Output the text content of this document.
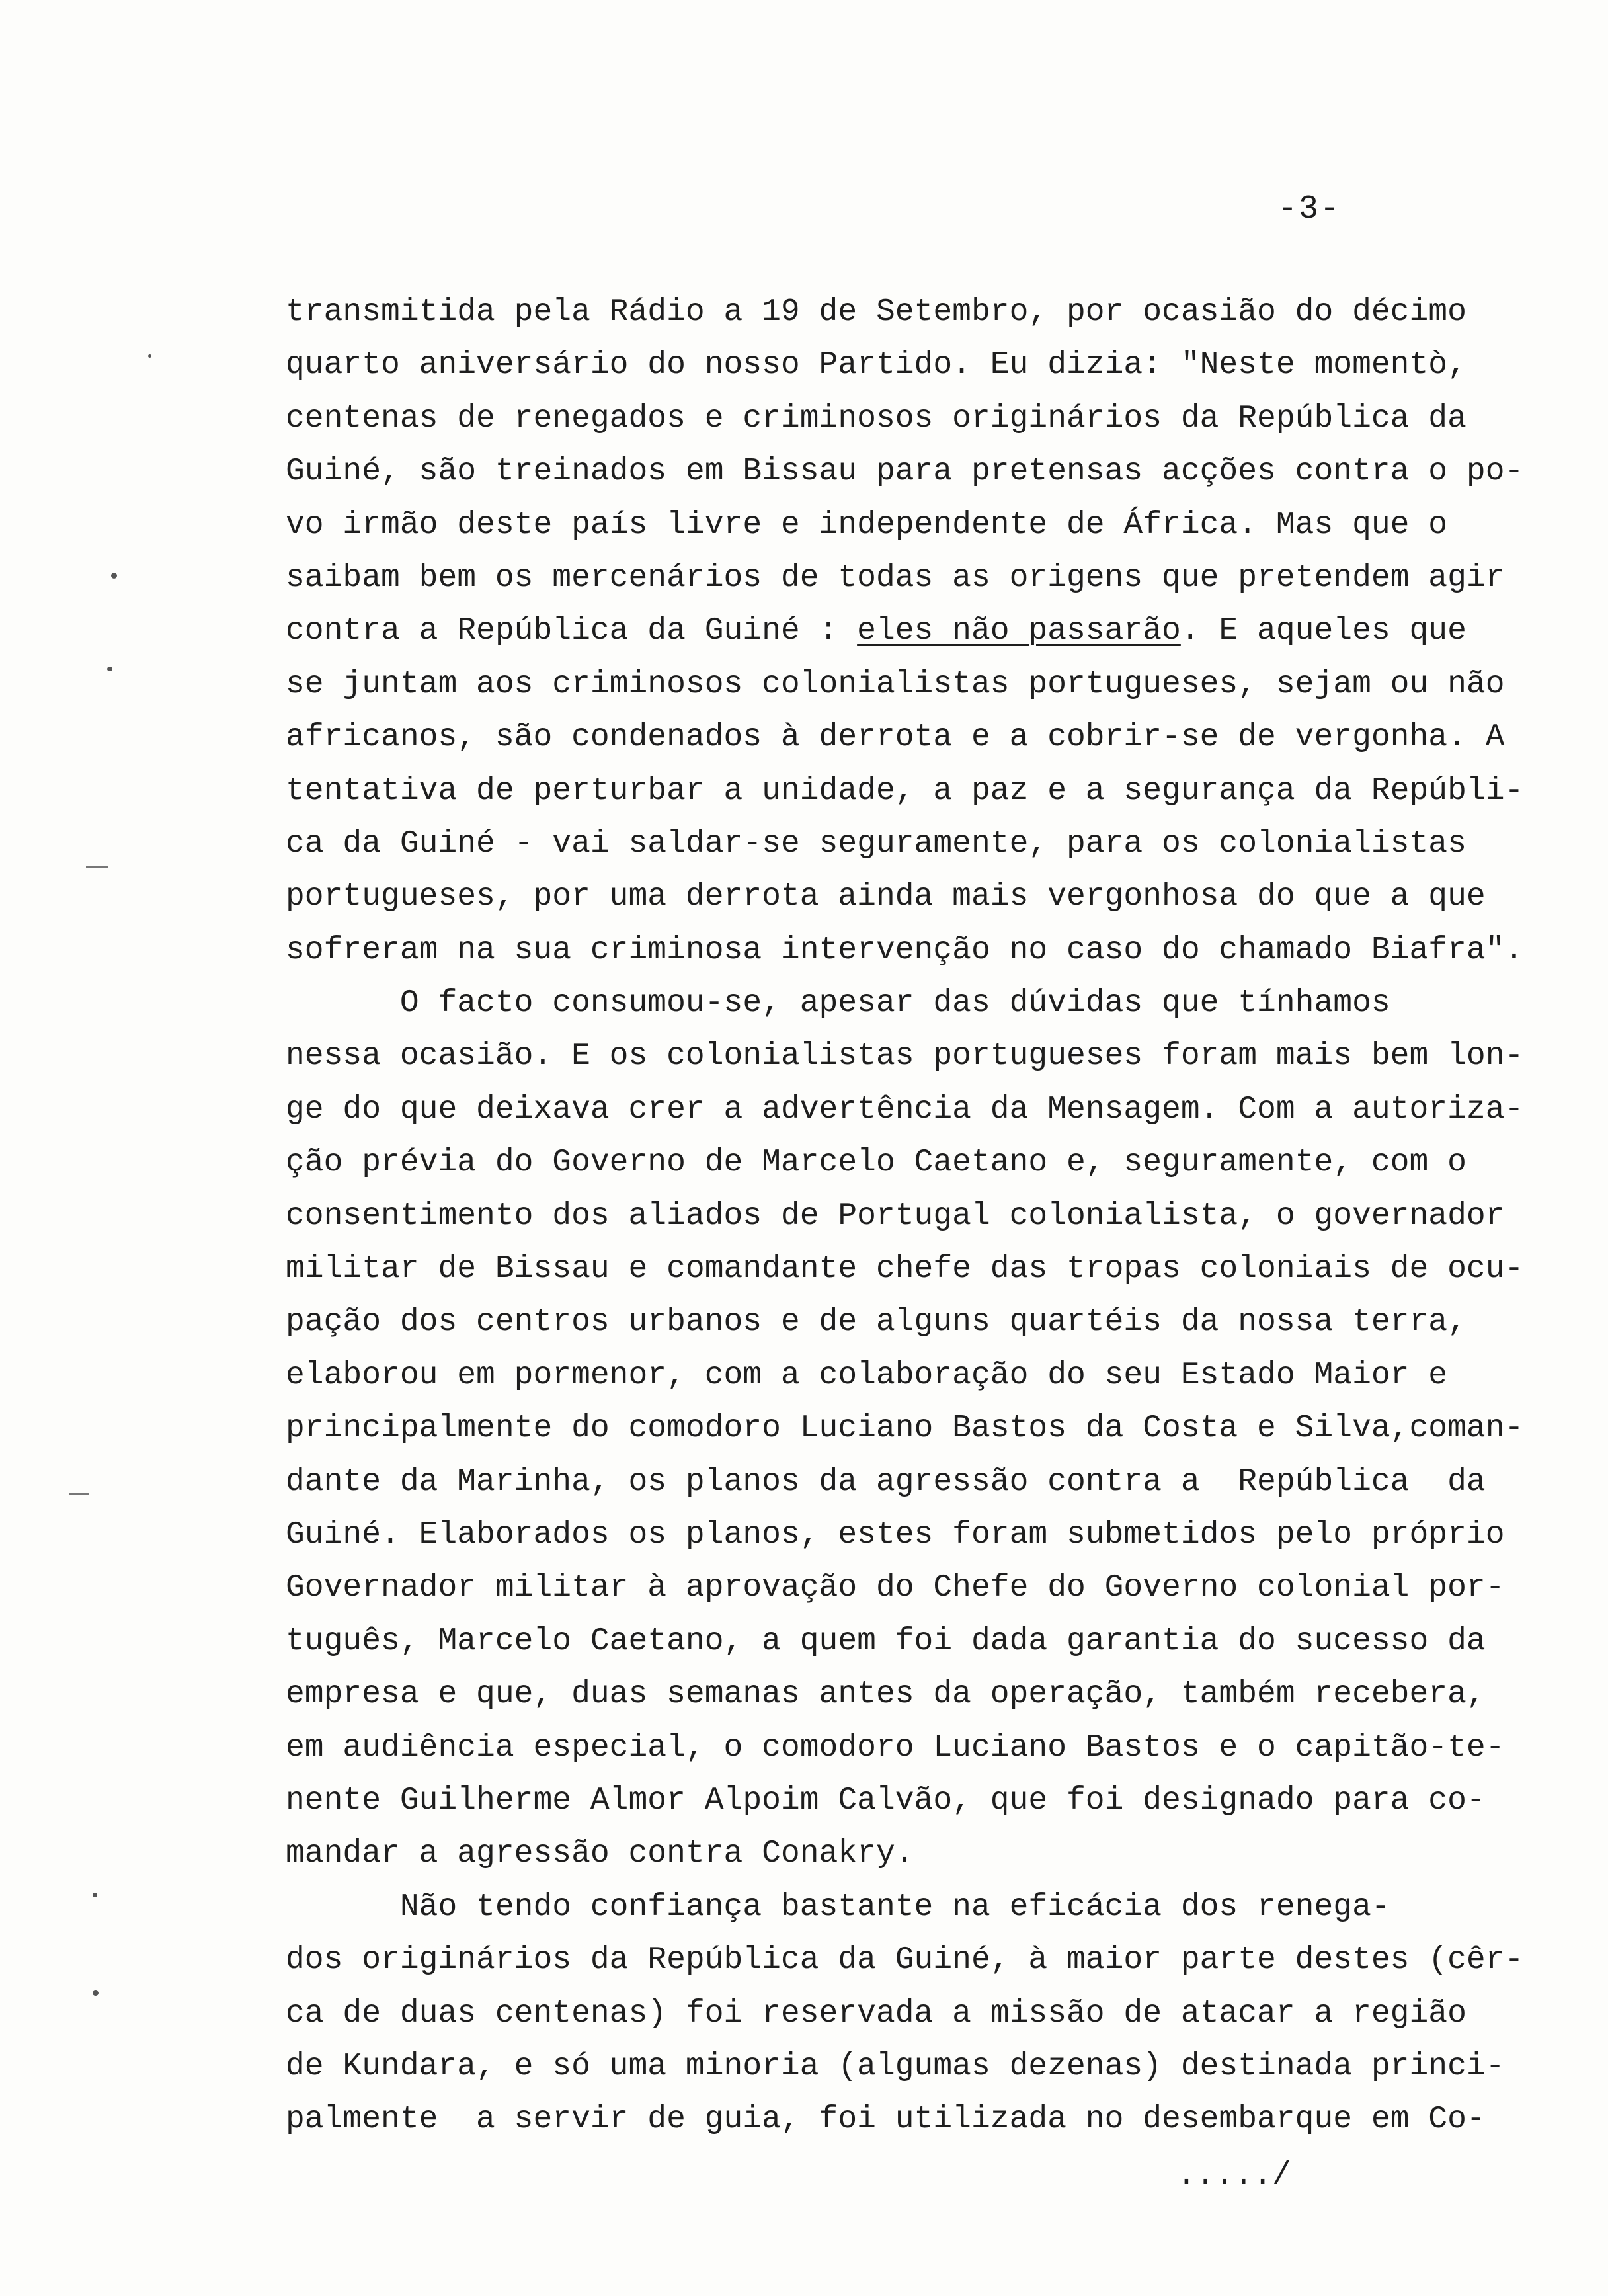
-3-
transmitida pela Rádio a 19 de Setembro, por ocasião do décimo
quarto aniversário do nosso Partido. Eu dizia: "Neste momentò,
centenas de renegados e criminosos originários da República da
Guiné, são treinados em Bissau para pretensas acções contra o po-
vo irmão deste país livre e independente de África. Mas que o
saibam bem os mercenários de todas as origens que pretendem agir
contra a República da Guiné : eles não passarão. E aqueles que
se juntam aos criminosos colonialistas portugueses, sejam ou não
africanos, são condenados à derrota e a cobrir-se de vergonha. A
tentativa de perturbar a unidade, a paz e a segurança da Repúbli-
ca da Guiné - vai saldar-se seguramente, para os colonialistas
portugueses, por uma derrota ainda mais vergonhosa do que a que
sofreram na sua criminosa intervenção no caso do chamado Biafra".
O facto consumou-se, apesar das dúvidas que tínhamos
nessa ocasião. E os colonialistas portugueses foram mais bem lon-
ge do que deixava crer a advertência da Mensagem. Com a autoriza-
ção prévia do Governo de Marcelo Caetano e, seguramente, com o
consentimento dos aliados de Portugal colonialista, o governador
militar de Bissau e comandante chefe das tropas coloniais de ocu-
pação dos centros urbanos e de alguns quartéis da nossa terra,
elaborou em pormenor, com a colaboração do seu Estado Maior e
principalmente do comodoro Luciano Bastos da Costa e Silva,coman-
dante da Marinha, os planos da agressão contra a  República  da
Guiné. Elaborados os planos, estes foram submetidos pelo próprio
Governador militar à aprovação do Chefe do Governo colonial por-
tuguês, Marcelo Caetano, a quem foi dada garantia do sucesso da
empresa e que, duas semanas antes da operação, também recebera,
em audiência especial, o comodoro Luciano Bastos e o capitão-te-
nente Guilherme Almor Alpoim Calvão, que foi designado para co-
mandar a agressão contra Conakry.
Não tendo confiança bastante na eficácia dos renega-
dos originários da República da Guiné, à maior parte destes (cêr-
ca de duas centenas) foi reservada a missão de atacar a região
de Kundara, e só uma minoria (algumas dezenas) destinada princi-
palmente  a servir de guia, foi utilizada no desembarque em Co-
...../
